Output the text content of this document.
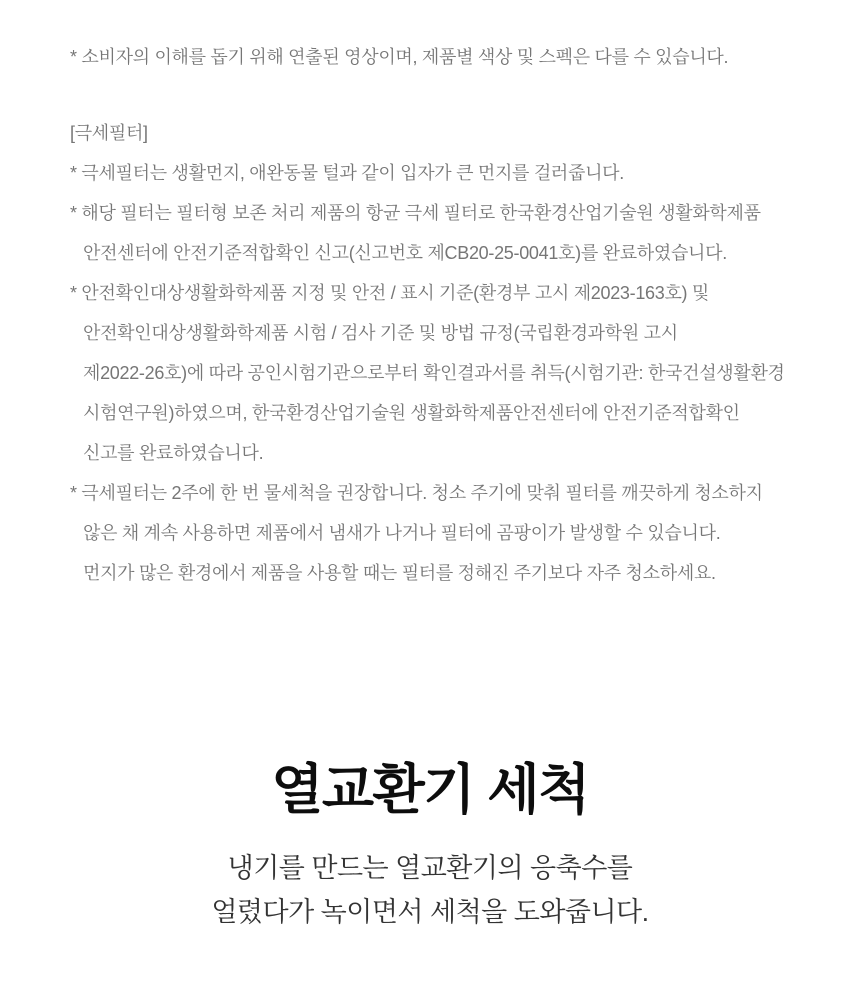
* 소비자의 이해를 돕기 위해 연출된 영상이며, 제품별 색상 및 스펙은 다를 수 있습니다.

[극세필터]

* 극세필터는 생활먼지, 애완동물 털과 같이 입자가 큰 먼지를 걸러줍니다.

* 해당 필터는 필터형 보존 처리 제품의 항균 극세 필터로 한국환경산업기술원 생활화학제품

안전센터에 안전기준적합확인 신고(신고번호 제CB20-25-0041호)를 완료하였습니다.

* 안전확인대상생활화학제품 지정 및 안전 / 표시 기준(환경부 고시 제2023-163호) 및

안전확인대상생활화학제품 시험 / 검사 기준 및 방법 규정(국립환경과학원 고시

제2022-26호)에 따라 공인시험기관으로부터 확인결과서를 취득(시험기관: 한국건설생활환경

시험연구원)하였으며, 한국환경산업기술원 생활화학제품안전센터에 안전기준적합확인

신고를 완료하였습니다.

* 극세필터는 2주에 한 번 물세척을 권장합니다. 청소 주기에 맞춰 필터를 깨끗하게 청소하지

않은 채 계속 사용하면 제품에서 냄새가 나거나 필터에 곰팡이가 발생할 수 있습니다.

먼지가 많은 환경에서 제품을 사용할 때는 필터를 정해진 주기보다 자주 청소하세요.

열교환기 세척

냉기를 만드는 열교환기의 응축수를

얼렸다가 녹이면서 세척을 도와줍니다.
